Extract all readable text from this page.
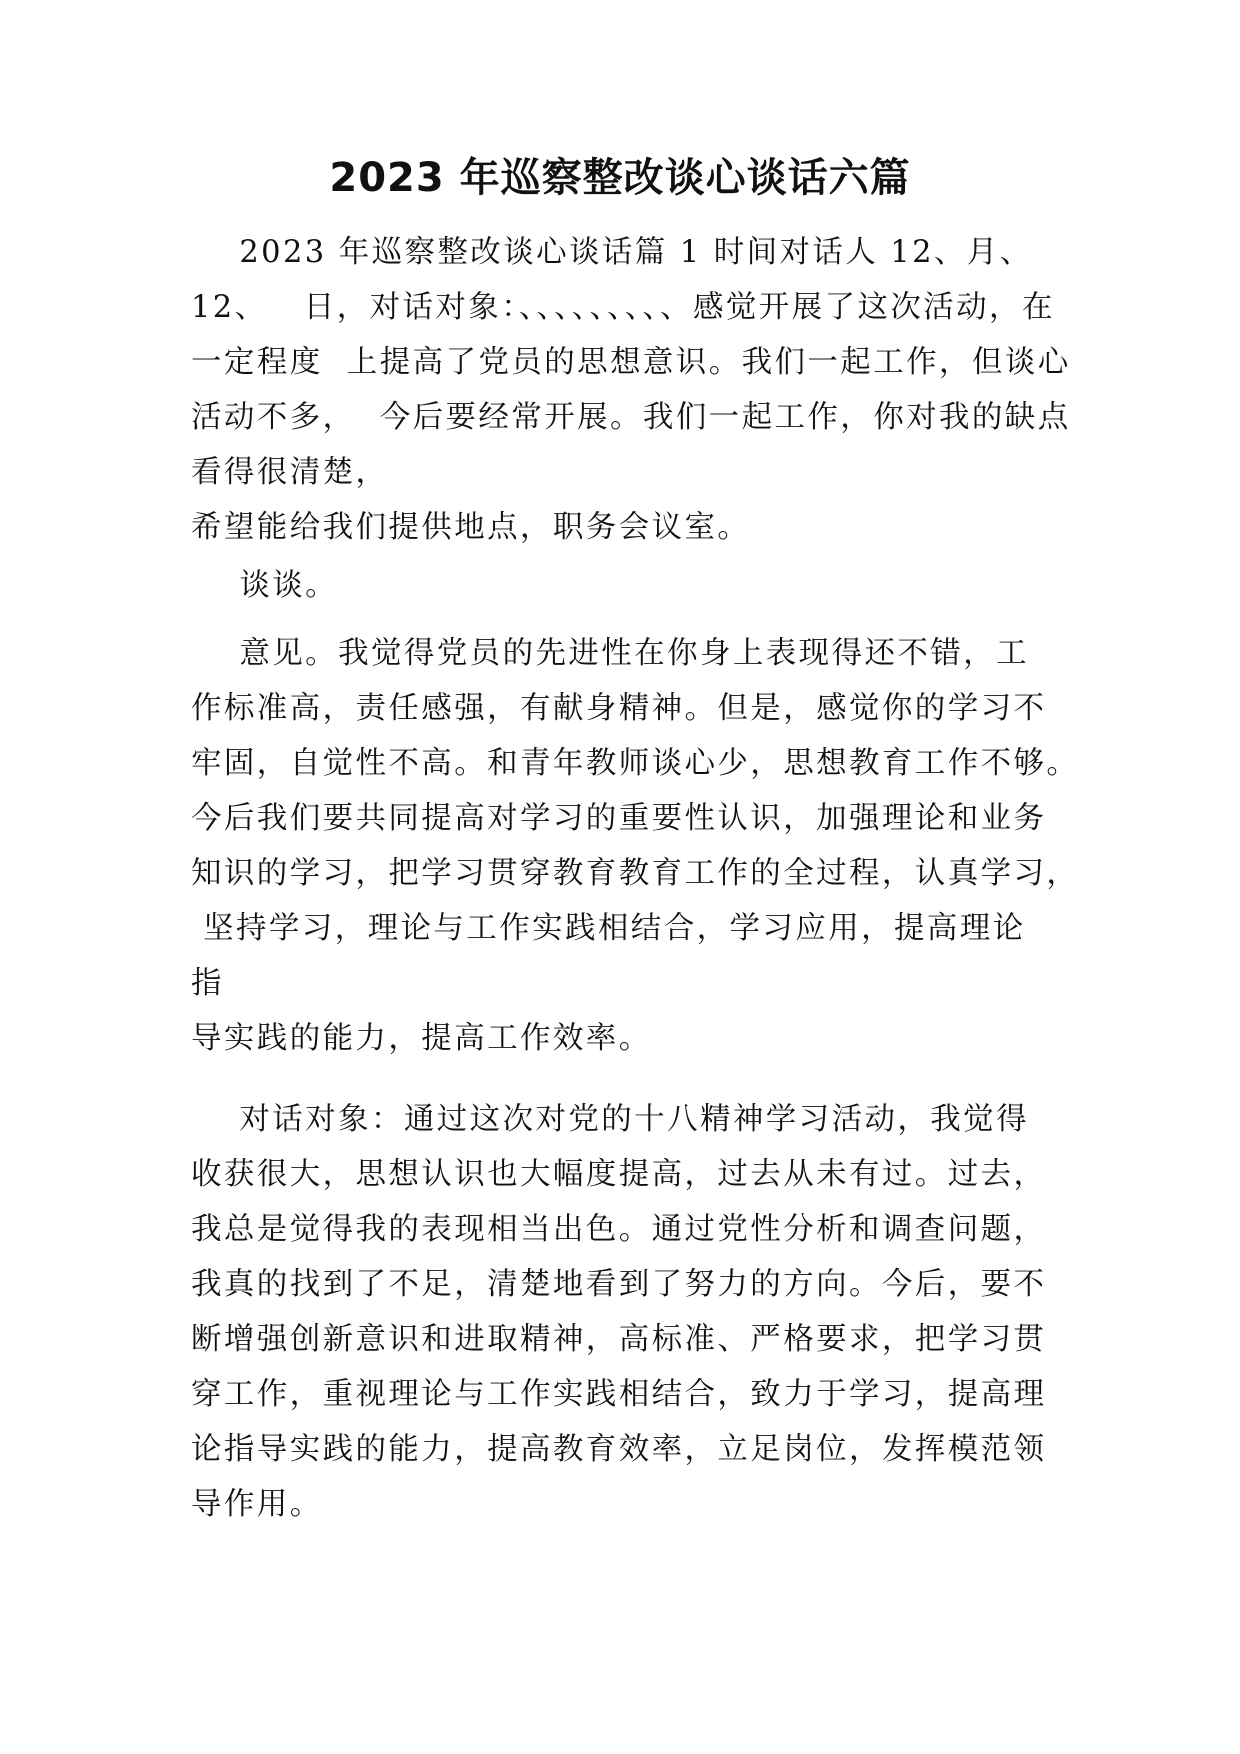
2023 年巡察整改谈心谈话六篇
2023 年巡察整改谈心谈话篇 1 时间对话人 12、月、
12、   日，对话对象：、、、、、、、、、感觉开展了这次活动，在
一定程度  上提高了党员的思想意识。我们一起工作，但谈心
活动不多，  今后要经常开展。我们一起工作，你对我的缺点
看得很清楚，
希望能给我们提供地点，职务会议室。
谈谈。
意见。我觉得党员的先进性在你身上表现得还不错，工
作标准高，责任感强，有献身精神。但是，感觉你的学习不
牢固，自觉性不高。和青年教师谈心少，思想教育工作不够。
今后我们要共同提高对学习的重要性认识，加强理论和业务
知识的学习，把学习贯穿教育教育工作的全过程，认真学习，
坚持学习，理论与工作实践相结合，学习应用，提高理论
指
导实践的能力，提高工作效率。
对话对象：通过这次对党的十八精神学习活动，我觉得
收获很大，思想认识也大幅度提高，过去从未有过。过去，
我总是觉得我的表现相当出色。通过党性分析和调查问题，
我真的找到了不足，清楚地看到了努力的方向。今后，要不
断增强创新意识和进取精神，高标准、严格要求，把学习贯
穿工作，重视理论与工作实践相结合，致力于学习，提高理
论指导实践的能力，提高教育效率，立足岗位，发挥模范领
导作用。
